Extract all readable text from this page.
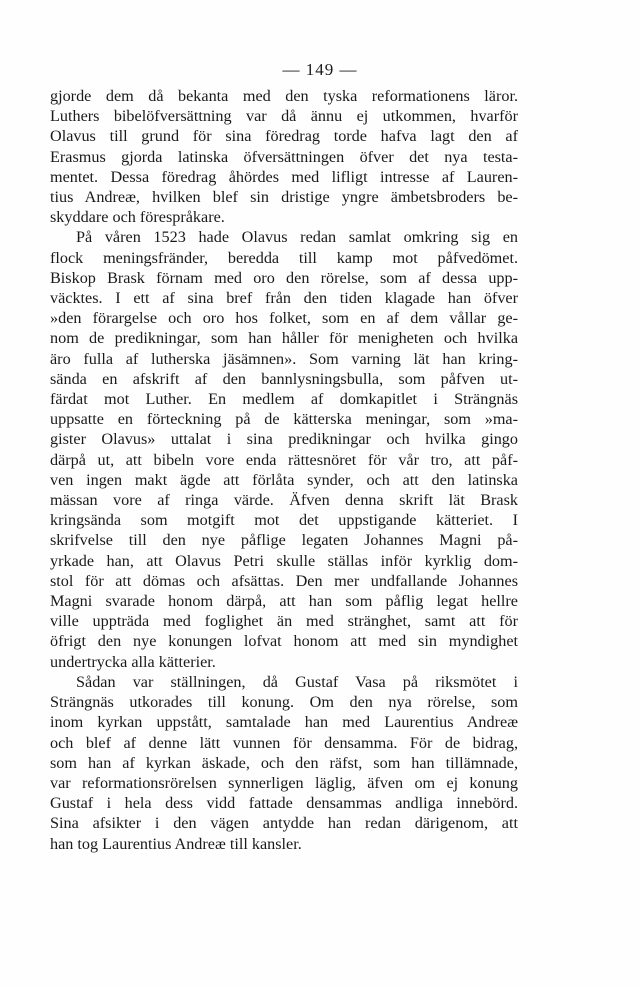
— 149 —
gjorde dem då bekanta med den tyska reformationens läror.
Luthers bibelöfversättning var då ännu ej utkommen, hvarför
Olavus till grund för sina föredrag torde hafva lagt den af
Erasmus gjorda latinska öfversättningen öfver det nya testa-
mentet. Dessa föredrag åhördes med lifligt intresse af Lauren-
tius Andreæ, hvilken blef sin dristige yngre ämbetsbroders be-
skyddare och förespråkare.
På våren 1523 hade Olavus redan samlat omkring sig en
flock meningsfränder, beredda till kamp mot påfvedömet.
Biskop Brask förnam med oro den rörelse, som af dessa upp-
väcktes. I ett af sina bref från den tiden klagade han öfver
»den förargelse och oro hos folket, som en af dem vållar ge-
nom de predikningar, som han håller för menigheten och hvilka
äro fulla af lutherska jäsämnen». Som varning lät han kring-
sända en afskrift af den bannlysningsbulla, som påfven ut-
färdat mot Luther. En medlem af domkapitlet i Strängnäs
uppsatte en förteckning på de kätterska meningar, som »ma-
gister Olavus» uttalat i sina predikningar och hvilka gingo
därpå ut, att bibeln vore enda rättesnöret för vår tro, att påf-
ven ingen makt ägde att förlåta synder, och att den latinska
mässan vore af ringa värde. Äfven denna skrift lät Brask
kringsända som motgift mot det uppstigande kätteriet. I
skrifvelse till den nye påflige legaten Johannes Magni på-
yrkade han, att Olavus Petri skulle ställas inför kyrklig dom-
stol för att dömas och afsättas. Den mer undfallande Johannes
Magni svarade honom därpå, att han som påflig legat hellre
ville uppträda med foglighet än med stränghet, samt att för
öfrigt den nye konungen lofvat honom att med sin myndighet
undertrycka alla kätterier.
Sådan var ställningen, då Gustaf Vasa på riksmötet i
Strängnäs utkorades till konung. Om den nya rörelse, som
inom kyrkan uppstått, samtalade han med Laurentius Andreæ
och blef af denne lätt vunnen för densamma. För de bidrag,
som han af kyrkan äskade, och den räfst, som han tillämnade,
var reformationsrörelsen synnerligen läglig, äfven om ej konung
Gustaf i hela dess vidd fattade densammas andliga innebörd.
Sina afsikter i den vägen antydde han redan därigenom, att
han tog Laurentius Andreæ till kansler.
